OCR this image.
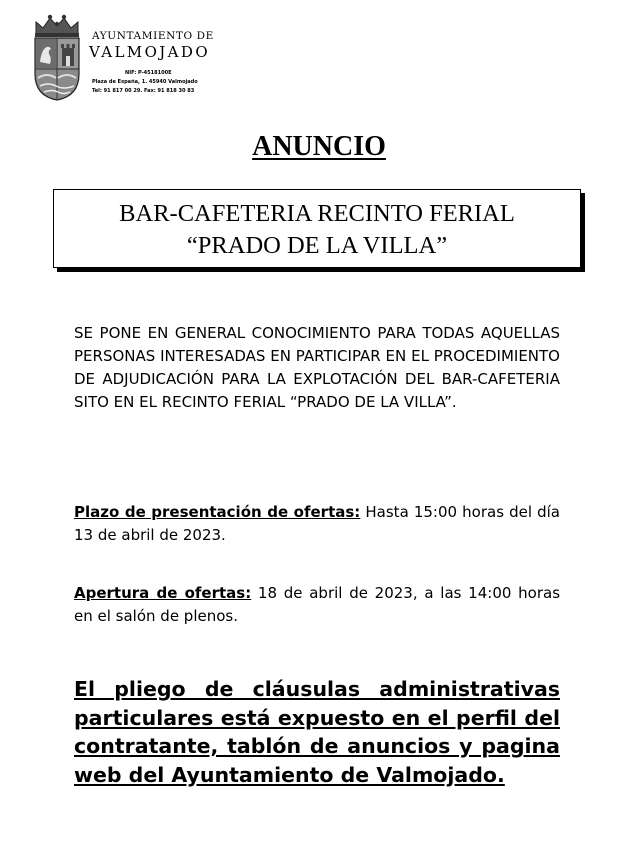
AYUNTAMIENTO DE
VALMOJADO
NIF: P-4518100E
Plaza de España, 1. 45940 Valmojado
Tel: 91 817 00 29. Fax: 91 818 30 83
ANUNCIO
BAR-CAFETERIA RECINTO FERIAL
“PRADO DE LA VILLA”
SE PONE EN GENERAL CONOCIMIENTO PARA TODAS AQUELLAS PERSONAS INTERESADAS EN PARTICIPAR EN EL PROCEDIMIENTO DE ADJUDICACIÓN PARA LA EXPLOTACIÓN DEL BAR-CAFETERIA SITO EN EL RECINTO FERIAL “PRADO DE LA VILLA”.
Plazo de presentación de ofertas: Hasta 15:00 horas del día 13 de abril de 2023.
Apertura de ofertas: 18 de abril de 2023, a las 14:00 horas en el salón de plenos.
El pliego de cláusulas administrativas particulares está expuesto en el perfil del contratante, tablón de anuncios y pagina web del Ayuntamiento de Valmojado.
